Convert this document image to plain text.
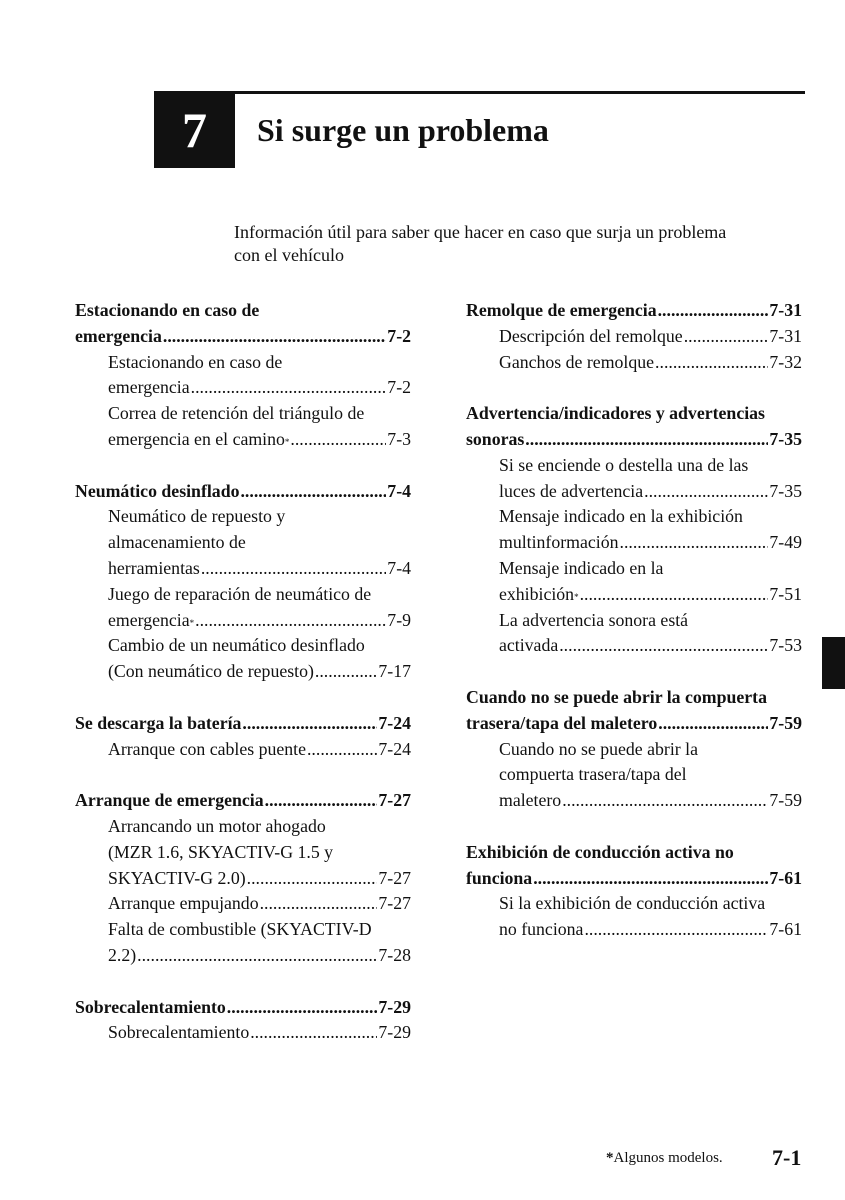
7 Si surge un problema
Información útil para saber que hacer en caso que surja un problema
con el vehículo
Estacionando en caso de
emergencia .....	7-2
Estacionando en caso de
emergencia .....	7-2
Correa de retención del triángulo de
emergencia en el camino * .....	7-3
Neumático desinflado .....	7-4
Neumático de repuesto y
almacenamiento de
herramientas .....	7-4
Juego de reparación de neumático de
emergencia * .....	7-9
Cambio de un neumático desinflado
(Con neumático de repuesto) .....	7-17
Se descarga la batería .....	7-24
Arranque con cables puente .....	7-24
Arranque de emergencia .....	7-27
Arrancando un motor ahogado
(MZR 1.6, SKYACTIV-G 1.5 y
SKYACTIV-G 2.0) .....	7-27
Arranque empujando .....	7-27
Falta de combustible (SKYACTIV-D
2.2) .....	7-28
Sobrecalentamiento .....	7-29
Sobrecalentamiento .....	7-29
Remolque de emergencia .....	7-31
Descripción del remolque .....	7-31
Ganchos de remolque .....	7-32
Advertencia/indicadores y advertencias
sonoras .....	7-35
Si se enciende o destella una de las
luces de advertencia .....	7-35
Mensaje indicado en la exhibición
multinformación .....	7-49
Mensaje indicado en la
exhibición * .....	7-51
La advertencia sonora está
activada .....	7-53
Cuando no se puede abrir la compuerta
trasera/tapa del maletero .....	7-59
Cuando no se puede abrir la
compuerta trasera/tapa del
maletero .....	7-59
Exhibición de conducción activa no
funciona .....	7-61
Si la exhibición de conducción activa
no funciona .....	7-61
*Algunos modelos. 7-1
